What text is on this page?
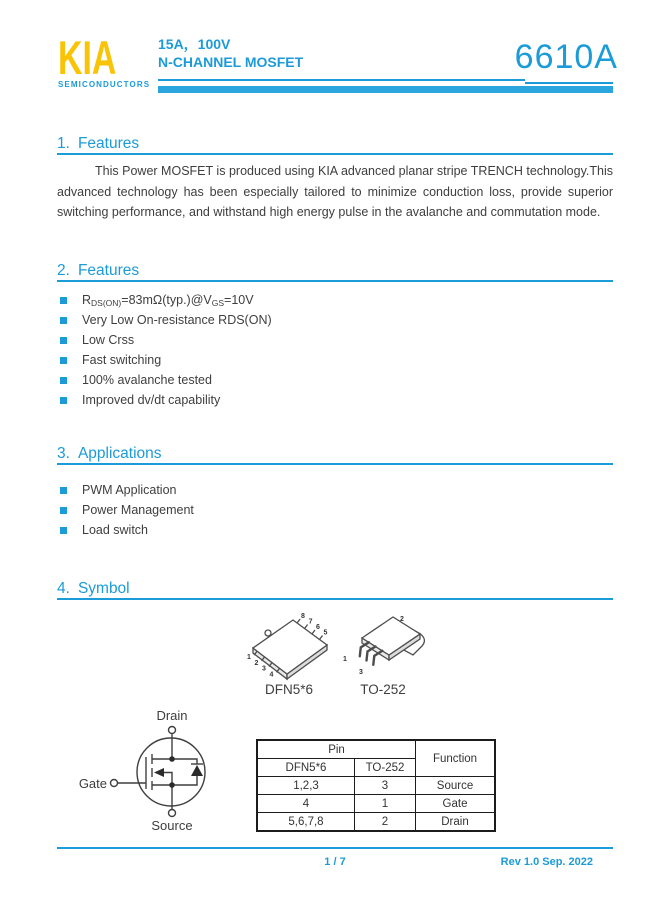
KIA
SEMICONDUCTORS
15A，100V
N-CHANNEL MOSFET	6610A
1. Features

This Power MOSFET is produced using KIA advanced planar stripe TRENCH technology.This advanced technology has been especially tailored to minimize conduction loss, provide superior switching performance, and withstand high energy pulse in the avalanche and commutation mode.

2. Features
$R_{DS(ON)}=83m\Omega(typ.)@V_{GS}=10V$
Very Low On-resistance RDS(ON)
Low Crss
Fast switching
100% avalanche tested
Improved dv/dt capability
3. Applications
PWM Application
Power Management
Load switch
4. Symbol
1
2
3
4
8
7
6
5
DFN5*6
2
1
3
TO-252
Drain
Gate
Source
Pin		Function
DFN5*6	TO-252	
1,2,3	3	Source
4	1	Gate
5,6,7,8	2	Drain
1 / 7	Rev 1.0 Sep. 2022
